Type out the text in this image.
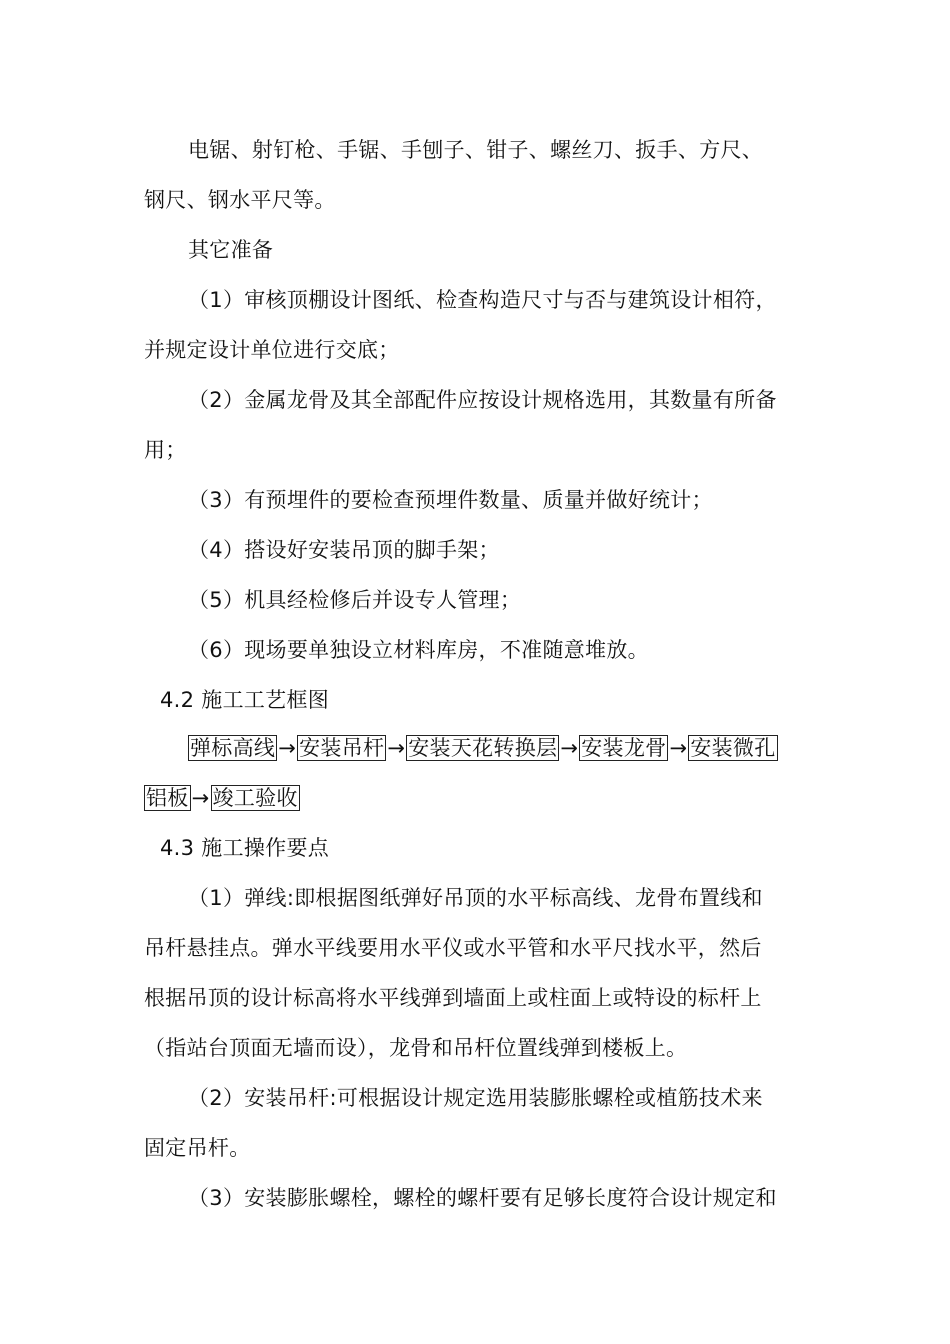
电锯、射钉枪、手锯、手刨子、钳子、螺丝刀、扳手、方尺、
钢尺、钢水平尺等。
其它准备
（1）审核顶棚设计图纸、检查构造尺寸与否与建筑设计相符，
并规定设计单位进行交底；
（2）金属龙骨及其全部配件应按设计规格选用，其数量有所备
用；
（3）有预埋件的要检查预埋件数量、质量并做好统计；
（4）搭设好安装吊顶的脚手架；
（5）机具经检修后并设专人管理；
（6）现场要单独设立材料库房，不准随意堆放。
4.2 施工工艺框图
弹标高线 → 安装吊杆 → 安装天花转换层 → 安装龙骨 → 安装微孔
铝板 → 竣工验收
4.3 施工操作要点
（1）弹线:即根据图纸弹好吊顶的水平标高线、龙骨布置线和
吊杆悬挂点。弹水平线要用水平仪或水平管和水平尺找水平，然后
根据吊顶的设计标高将水平线弹到墙面上或柱面上或特设的标杆上
（指站台顶面无墙而设），龙骨和吊杆位置线弹到楼板上。
（2）安装吊杆:可根据设计规定选用装膨胀螺栓或植筋技术来
固定吊杆。
（3）安装膨胀螺栓，螺栓的螺杆要有足够长度符合设计规定和
